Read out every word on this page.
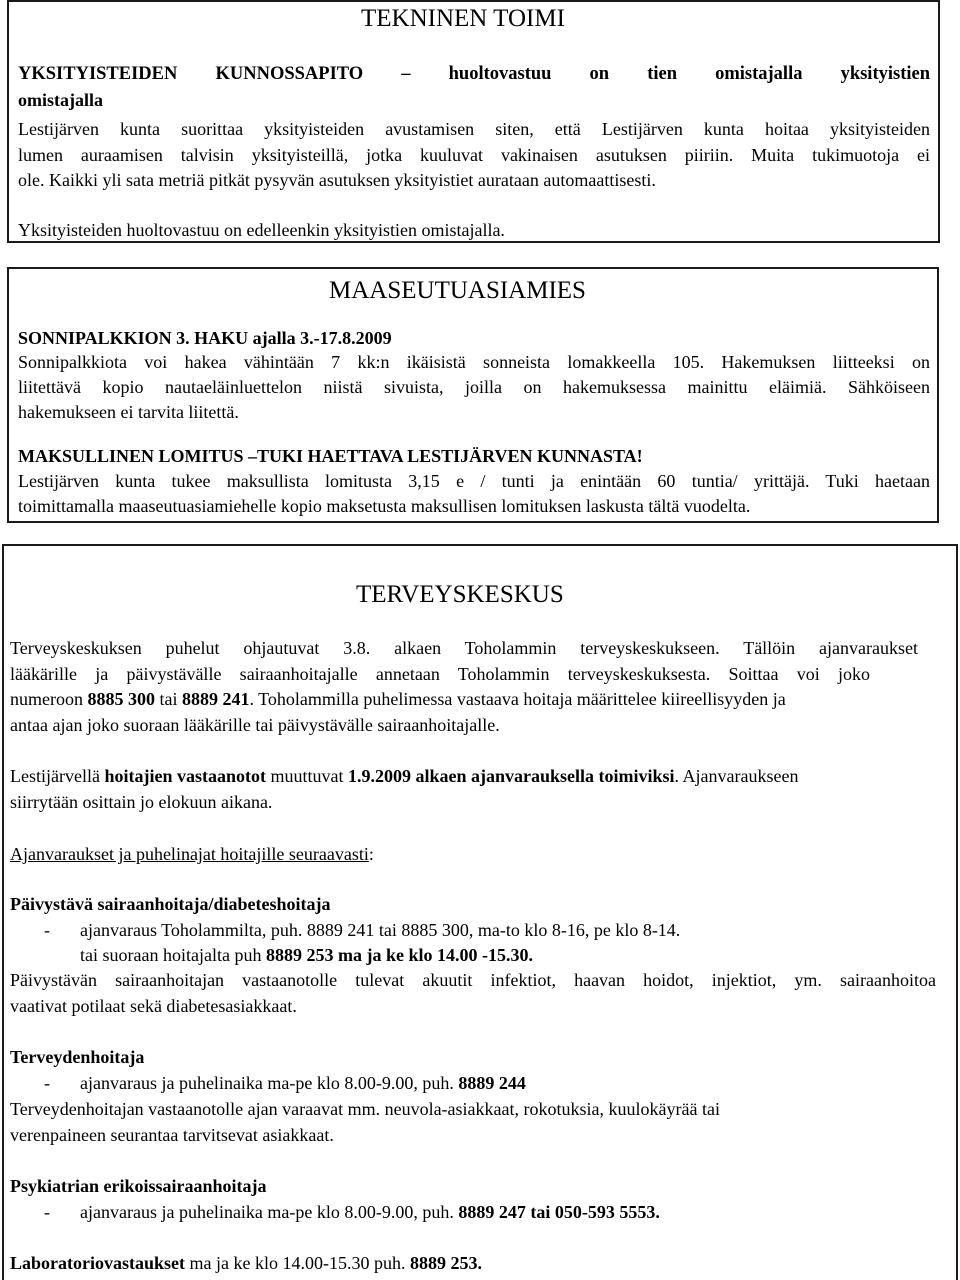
TEKNINEN TOIMI
YKSITYISTEIDEN KUNNOSSAPITO – huoltovastuu on tien omistajalla yksityistien
omistajalla
Lestijärven kunta suorittaa yksityisteiden avustamisen siten, että Lestijärven kunta hoitaa yksityisteiden
lumen auraamisen talvisin yksityisteillä, jotka kuuluvat vakinaisen asutuksen piiriin. Muita tukimuotoja ei
ole. Kaikki yli sata metriä pitkät pysyvän asutuksen yksityistiet aurataan automaattisesti.
Yksityisteiden huoltovastuu on edelleenkin yksityistien omistajalla.
MAASEUTUASIAMIES
SONNIPALKKION 3. HAKU ajalla 3.-17.8.2009
Sonnipalkkiota voi hakea vähintään 7 kk:n ikäisistä sonneista lomakkeella 105. Hakemuksen liitteeksi on
liitettävä kopio nautaeläinluettelon niistä sivuista, joilla on hakemuksessa mainittu eläimiä. Sähköiseen
hakemukseen ei tarvita liitettä.
MAKSULLINEN LOMITUS –TUKI HAETTAVA LESTIJÄRVEN KUNNASTA!
Lestijärven kunta tukee maksullista lomitusta 3,15 e / tunti ja enintään 60 tuntia/ yrittäjä. Tuki haetaan
toimittamalla maaseutuasiamiehelle kopio maksetusta maksullisen lomituksen laskusta tältä vuodelta.
TERVEYSKESKUS
Terveyskeskuksen puhelut ohjautuvat 3.8. alkaen Toholammin terveyskeskukseen. Tällöin ajanvaraukset
lääkärille ja päivystävälle sairaanhoitajalle annetaan Toholammin terveyskeskuksesta. Soittaa voi joko
numeroon 8885 300 tai 8889 241. Toholammilla puhelimessa vastaava hoitaja määrittelee kiireellisyyden ja
antaa ajan joko suoraan lääkärille tai päivystävälle sairaanhoitajalle.
Lestijärvellä hoitajien vastaanotot muuttuvat 1.9.2009 alkaen ajanvarauksella toimiviksi. Ajanvaraukseen
siirrytään osittain jo elokuun aikana.
Ajanvaraukset ja puhelinajat hoitajille seuraavasti:
Päivystävä sairaanhoitaja/diabeteshoitaja
- ajanvaraus Toholammilta, puh. 8889 241 tai 8885 300, ma-to klo 8-16, pe klo 8-14.
tai suoraan hoitajalta puh 8889 253 ma ja ke klo 14.00 -15.30.
Päivystävän sairaanhoitajan vastaanotolle tulevat akuutit infektiot, haavan hoidot, injektiot, ym. sairaanhoitoa
vaativat potilaat sekä diabetesasiakkaat.
Terveydenhoitaja
- ajanvaraus ja puhelinaika ma-pe klo 8.00-9.00, puh. 8889 244
Terveydenhoitajan vastaanotolle ajan varaavat mm. neuvola-asiakkaat, rokotuksia, kuulokäyrää tai
verenpaineen seurantaa tarvitsevat asiakkaat.
Psykiatrian erikoissairaanhoitaja
- ajanvaraus ja puhelinaika ma-pe klo 8.00-9.00, puh. 8889 247 tai 050-593 5553.
Laboratoriovastaukset ma ja ke klo 14.00-15.30 puh. 8889 253.
